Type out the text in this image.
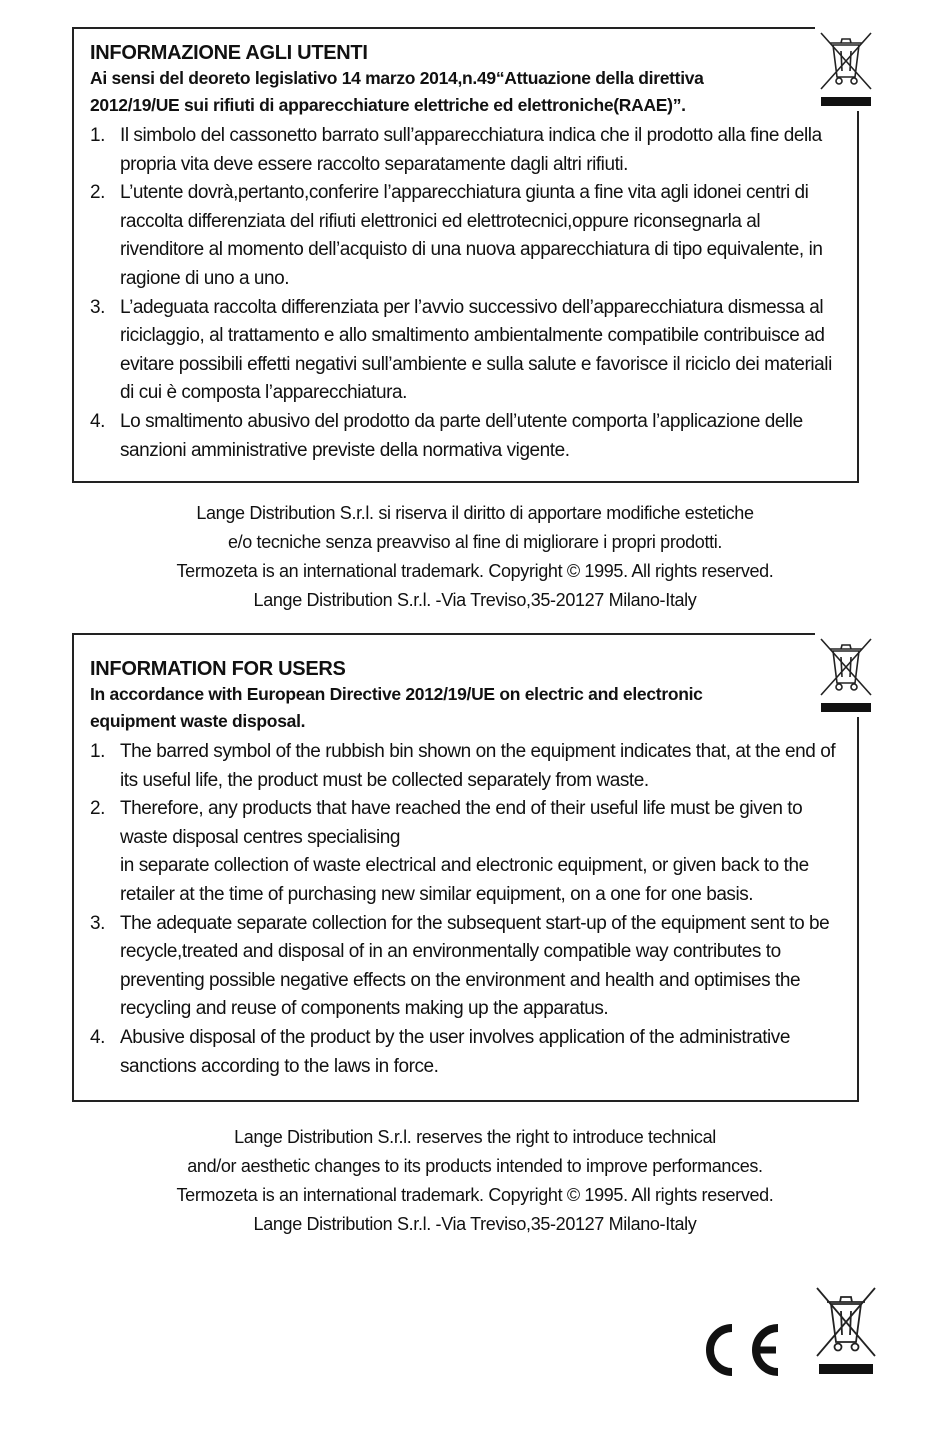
INFORMAZIONE AGLI UTENTI
Ai sensi del deoreto legislativo 14 marzo 2014,n.49“Attuazione della direttiva 2012/19/UE sui rifiuti di apparecchiature elettriche ed elettroniche(RAAE)”.
1. Il simbolo del cassonetto barrato sull’apparecchiatura indica che il prodotto alla fine della propria vita deve essere raccolto separatamente dagli altri rifiuti.
2. L’utente dovrà,pertanto,conferire l’apparecchiatura giunta a fine vita agli idonei centri di raccolta differenziata del rifiuti elettronici ed elettrotecnici,oppure riconsegnarla al rivenditore al momento dell’acquisto di una nuova apparecchiatura di tipo equivalente, in ragione di uno a uno.
3. L’adeguata raccolta differenziata per l’avvio successivo dell’apparecchiatura dismessa al riciclaggio, al trattamento e allo smaltimento ambientalmente compatibile contribuisce ad evitare possibili effetti negativi sull’ambiente e sulla salute e favorisce il riciclo dei materiali di cui è composta l’apparecchiatura.
4. Lo smaltimento abusivo del prodotto da parte dell’utente comporta l’applicazione delle sanzioni amministrative previste della normativa vigente.
Lange Distribution S.r.l. si riserva il diritto di apportare modifiche estetiche
e/o tecniche senza preavviso al fine di migliorare i propri prodotti.
Termozeta is an international trademark. Copyright © 1995. All rights reserved.
Lange Distribution S.r.l. -Via Treviso,35-20127 Milano-Italy
INFORMATION FOR USERS
In accordance with European Directive 2012/19/UE on electric and electronic equipment waste disposal.
1. The barred symbol of the rubbish bin shown on the equipment indicates that, at the end of its useful life, the product must be collected separately from waste.
2. Therefore, any products that have reached the end of their useful life must be given to waste disposal centres specialising
in separate collection of waste electrical and electronic equipment, or given back to the retailer at the time of purchasing new similar equipment, on a one for one basis.
3. The adequate separate collection for the subsequent start-up of the equipment sent to be recycle,treated and disposal of in an environmentally compatible way contributes to preventing possible negative effects on the environment and health and optimises the recycling and reuse of components making up the apparatus.
4. Abusive disposal of the product by the user involves application of the administrative sanctions according to the laws in force.
Lange Distribution S.r.l. reserves the right to introduce technical
and/or aesthetic changes to its products intended to improve performances.
Termozeta is an international trademark. Copyright © 1995. All rights reserved.
Lange Distribution S.r.l. -Via Treviso,35-20127 Milano-Italy
